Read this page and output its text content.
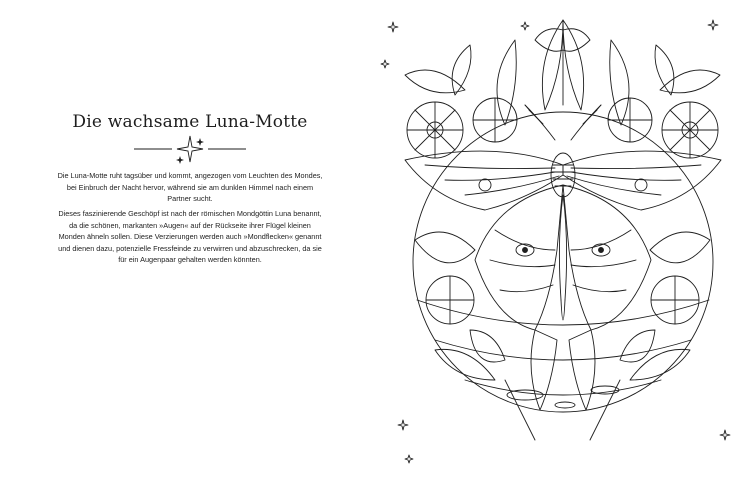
Die wachsame Luna-Motte

Die Luna-Motte ruht tagsüber und kommt, angezogen vom Leuchten des Mondes, bei Einbruch der Nacht hervor, während sie am dunklen Himmel nach einem Partner sucht.

Dieses faszinierende Geschöpf ist nach der römischen Mondgöttin Luna benannt, da die schönen, markanten »Augen« auf der Rückseite ihrer Flügel kleinen Monden ähneln sollen. Diese Verzierungen werden auch »Mondflecken« genannt und dienen dazu, potenzielle Fressfeinde zu verwirren und abzuschrecken, da sie für ein Augenpaar gehalten werden könnten.
